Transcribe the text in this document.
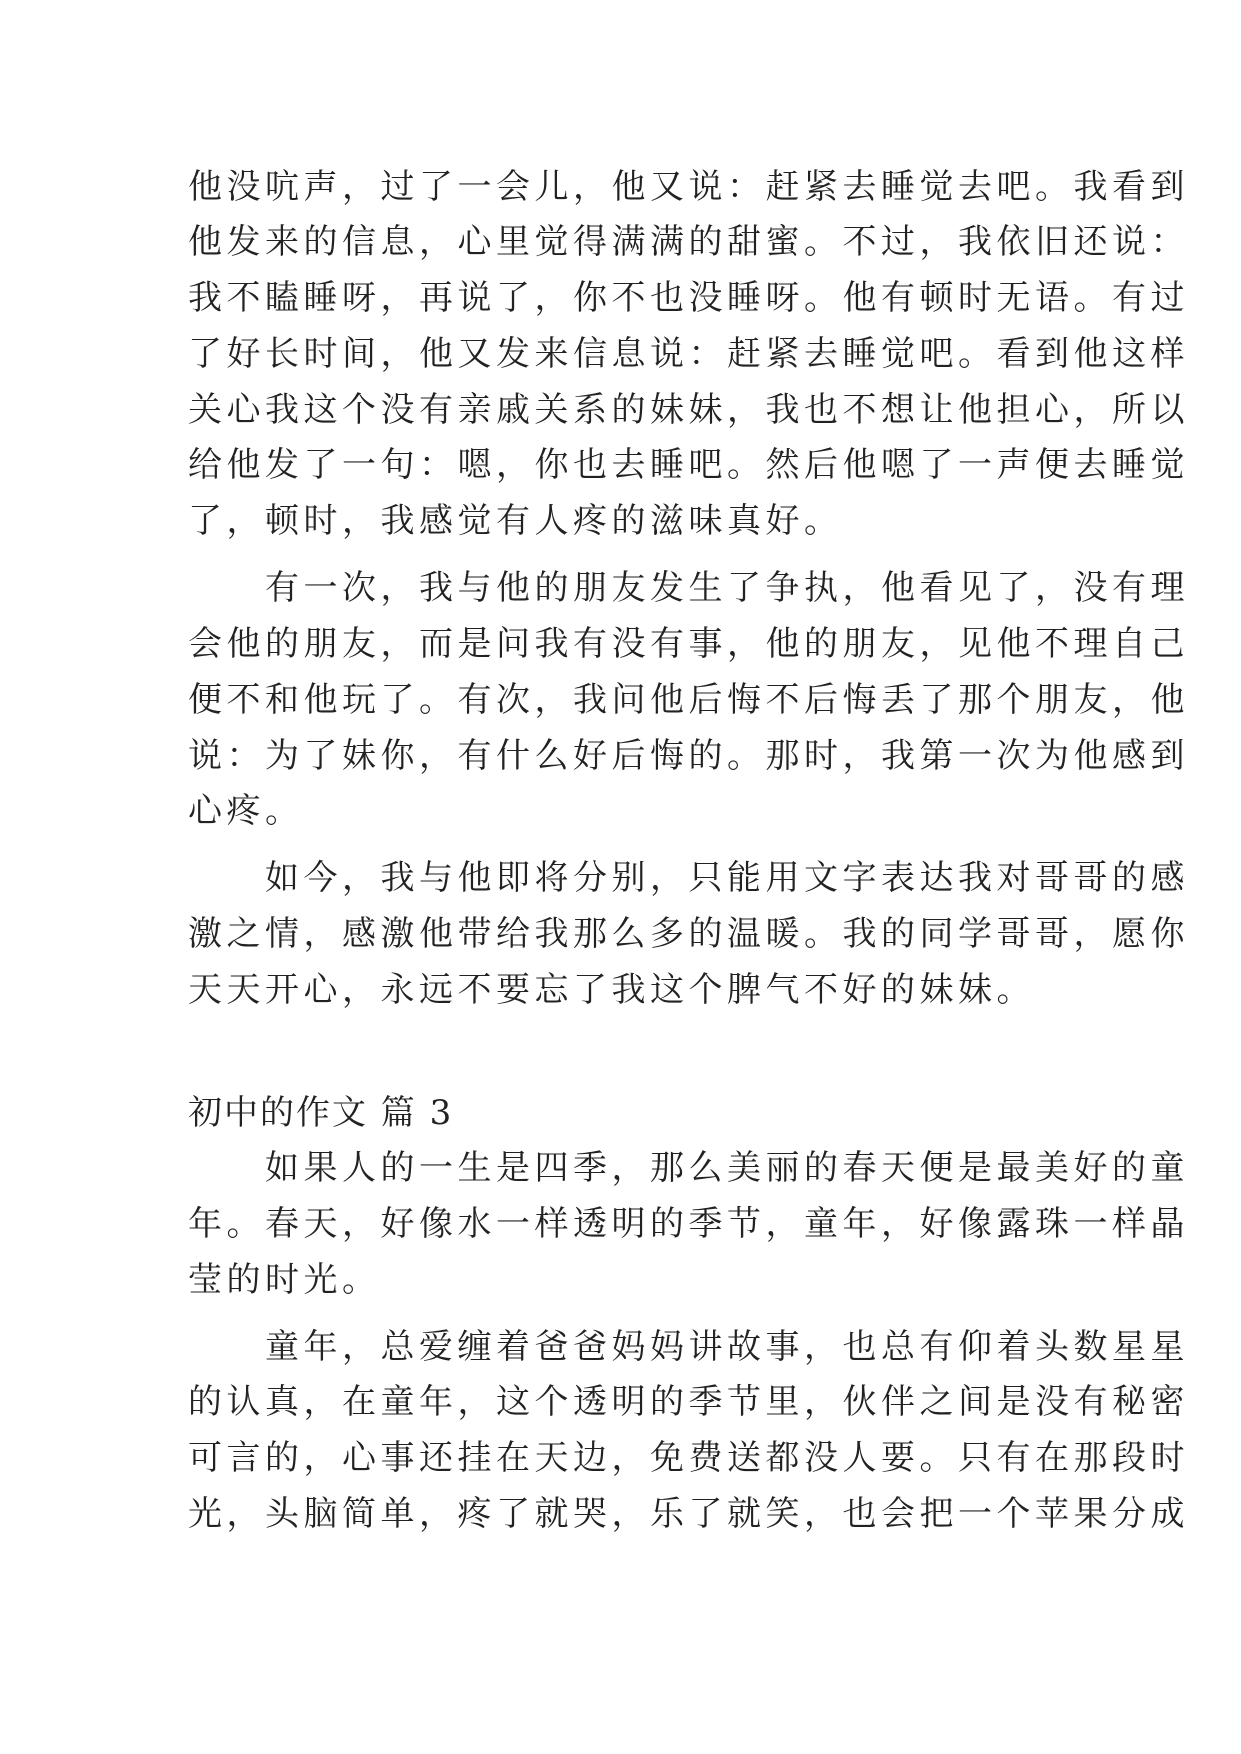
他没吭声，过了一会儿，他又说：赶紧去睡觉去吧。我看到
他发来的信息，心里觉得满满的甜蜜。不过，我依旧还说：
我不瞌睡呀，再说了，你不也没睡呀。他有顿时无语。有过
了好长时间，他又发来信息说：赶紧去睡觉吧。看到他这样
关心我这个没有亲戚关系的妹妹，我也不想让他担心，所以
给他发了一句：嗯，你也去睡吧。然后他嗯了一声便去睡觉
了，顿时，我感觉有人疼的滋味真好。
　　有一次，我与他的朋友发生了争执，他看见了，没有理
会他的朋友，而是问我有没有事，他的朋友，见他不理自己
便不和他玩了。有次，我问他后悔不后悔丢了那个朋友，他
说：为了妹你，有什么好后悔的。那时，我第一次为他感到
心疼。
　　如今，我与他即将分别，只能用文字表达我对哥哥的感
激之情，感激他带给我那么多的温暖。我的同学哥哥，愿你
天天开心，永远不要忘了我这个脾气不好的妹妹。
初中的作文 篇 3
　　如果人的一生是四季，那么美丽的春天便是最美好的童
年。春天，好像水一样透明的季节，童年，好像露珠一样晶
莹的时光。
　　童年，总爱缠着爸爸妈妈讲故事，也总有仰着头数星星
的认真，在童年，这个透明的季节里，伙伴之间是没有秘密
可言的，心事还挂在天边，免费送都没人要。只有在那段时
光，头脑简单，疼了就哭，乐了就笑，也会把一个苹果分成
